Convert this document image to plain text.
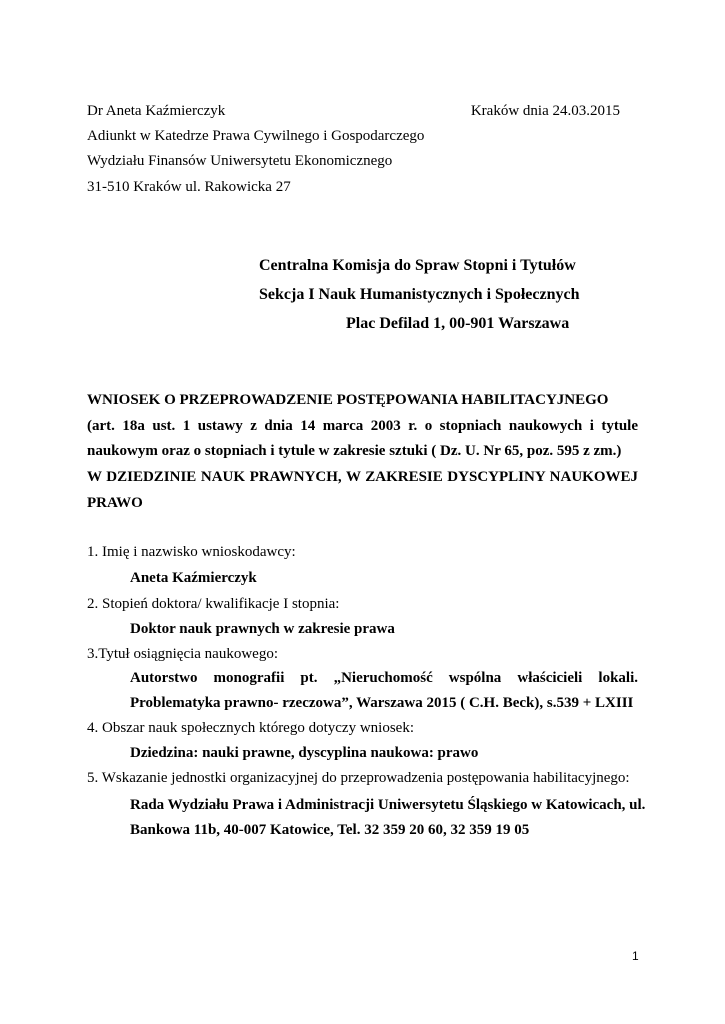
Dr Aneta Kaźmierczyk	Kraków dnia 24.03.2015
Adiunkt w Katedrze Prawa Cywilnego i Gospodarczego
Wydziału Finansów Uniwersytetu Ekonomicznego
31-510 Kraków ul. Rakowicka 27
Centralna Komisja do Spraw Stopni i Tytułów
Sekcja I Nauk Humanistycznych i Społecznych
Plac Defilad 1, 00-901 Warszawa
WNIOSEK O PRZEPROWADZENIE POSTĘPOWANIA HABILITACYJNEGO
(art. 18a ust. 1 ustawy z dnia 14 marca 2003 r. o stopniach naukowych i tytule
naukowym oraz o stopniach i tytule w zakresie sztuki ( Dz. U. Nr 65, poz. 595 z zm.)
W DZIEDZINIE NAUK PRAWNYCH, W ZAKRESIE DYSCYPLINY NAUKOWEJ
PRAWO
1. Imię i nazwisko wnioskodawcy:
Aneta Kaźmierczyk
2. Stopień doktora/ kwalifikacje I stopnia:
Doktor nauk prawnych w zakresie prawa
3.Tytuł osiągnięcia naukowego:
Autorstwo monografii pt. „Nieruchomość wspólna właścicieli lokali.
Problematyka prawno- rzeczowa”, Warszawa 2015 ( C.H. Beck), s.539 + LXIII
4. Obszar nauk społecznych którego dotyczy wniosek:
Dziedzina: nauki prawne, dyscyplina naukowa: prawo
5. Wskazanie jednostki organizacyjnej do przeprowadzenia postępowania habilitacyjnego:
Rada Wydziału Prawa i Administracji Uniwersytetu Śląskiego w Katowicach, ul.
Bankowa 11b, 40-007 Katowice, Tel. 32 359 20 60, 32 359 19 05
1
